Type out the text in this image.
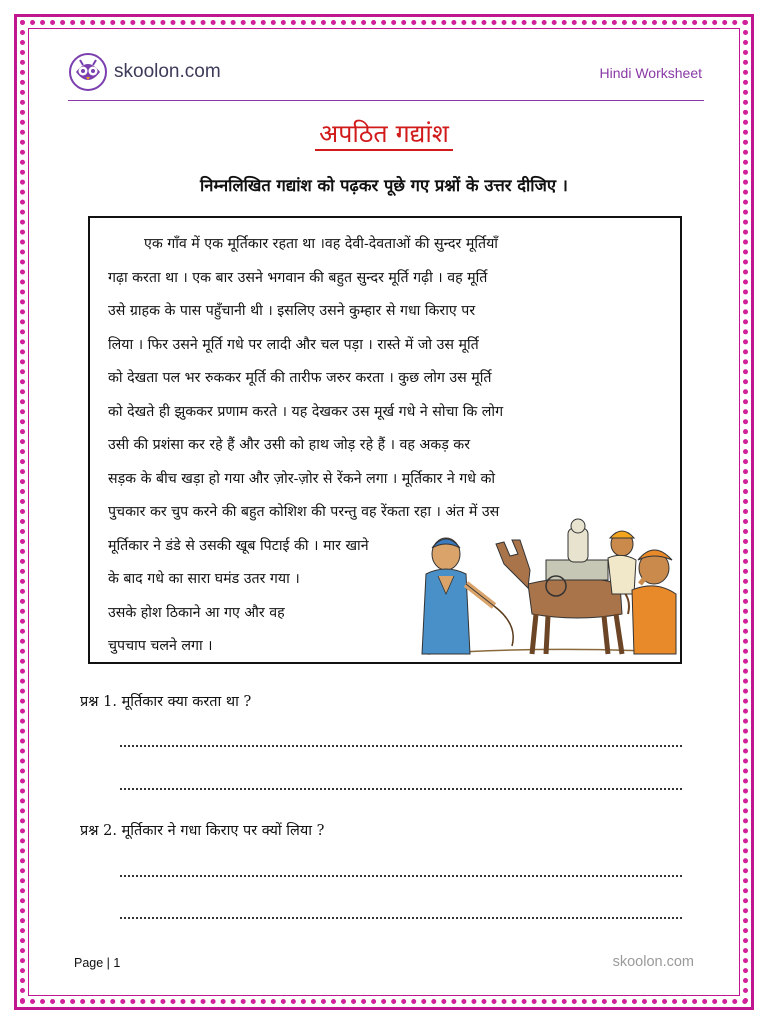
skoolon.com	Hindi Worksheet
अपठित गद्यांश
निम्नलिखित गद्यांश को पढ़कर पूछे गए प्रश्नों के उत्तर दीजिए ।
एक गाँव में एक मूर्तिकार रहता था ।वह देवी-देवताओं की सुन्दर मूर्तियाँ
गढ़ा करता था । एक बार उसने भगवान की बहुत सुन्दर मूर्ति गढ़ी । वह मूर्ति
उसे ग्राहक के पास पहुँचानी थी । इसलिए उसने कुम्हार से गधा किराए पर
लिया । फिर उसने मूर्ति गधे पर लादी और चल पड़ा । रास्ते में जो उस मूर्ति
को देखता पल भर रुककर मूर्ति की तारीफ जरुर करता । कुछ लोग उस मूर्ति
को देखते ही झुककर प्रणाम करते । यह देखकर उस मूर्ख गधे ने सोचा कि लोग
उसी की प्रशंसा कर रहे हैं और उसी को हाथ जोड़ रहे हैं । वह अकड़ कर
सड़क के बीच खड़ा हो गया और ज़ोर-ज़ोर से रेंकने लगा । मूर्तिकार ने गधे को
पुचकार कर चुप करने की बहुत कोशिश की परन्तु वह रेंकता रहा । अंत में उस
मूर्तिकार ने डंडे से उसकी खूब पिटाई की । मार खाने
के बाद गधे का सारा घमंड उतर गया ।
उसके होश ठिकाने आ गए और वह
चुपचाप चलने लगा ।
प्रश्न 1. मूर्तिकार क्या करता था ?
प्रश्न 2. मूर्तिकार ने गधा किराए पर क्यों लिया ?
Page | 1	skoolon.com
